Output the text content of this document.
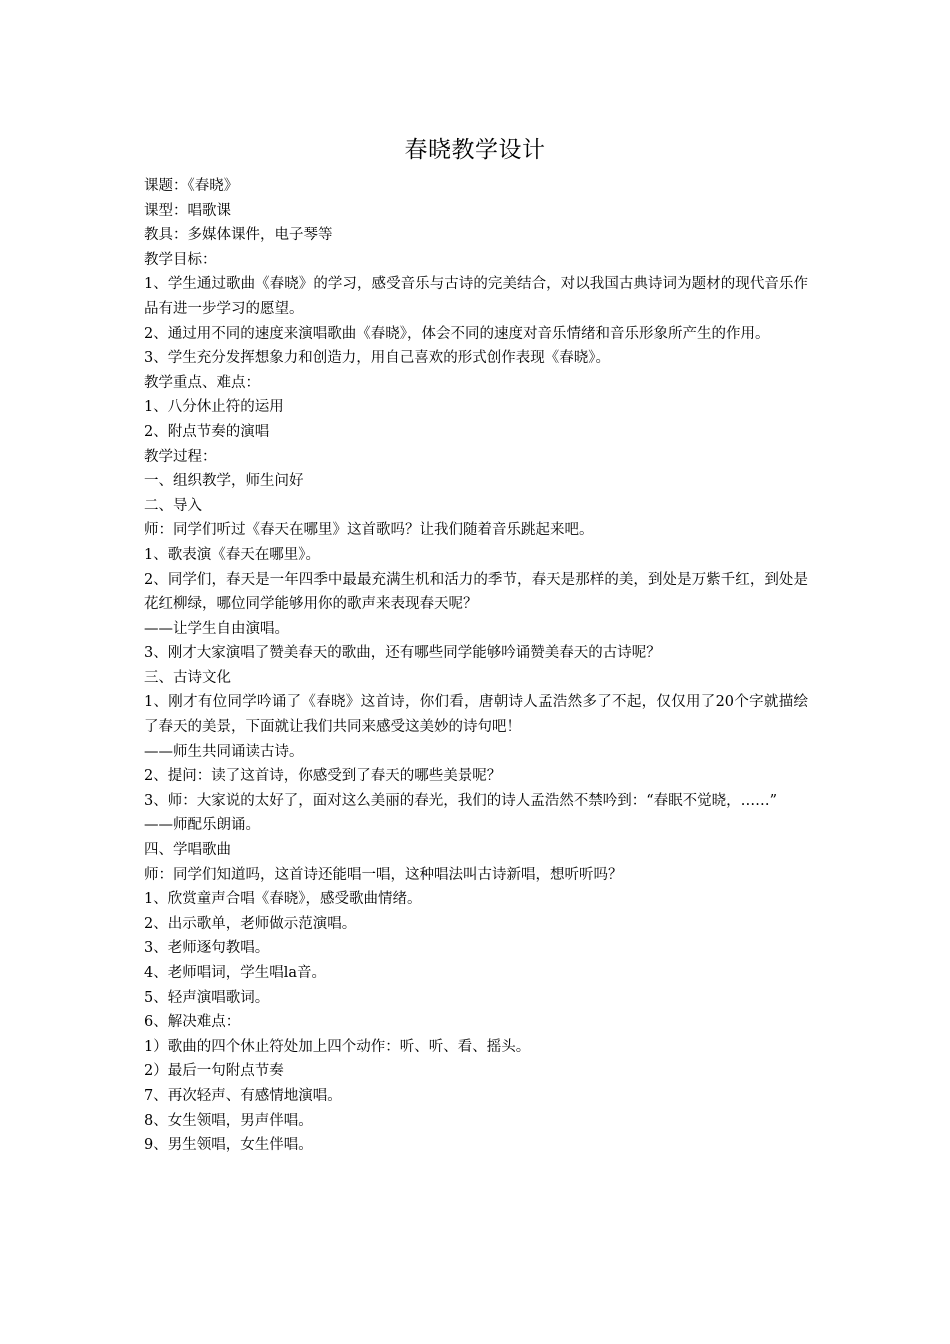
春晓教学设计

课题：《春晓》

课型：唱歌课

教具：多媒体课件，电子琴等

教学目标：

1、学生通过歌曲《春晓》的学习，感受音乐与古诗的完美结合，对以我国古典诗词为题材的现代音乐作品有进一步学习的愿望。

2、通过用不同的速度来演唱歌曲《春晓》，体会不同的速度对音乐情绪和音乐形象所产生的作用。

3、学生充分发挥想象力和创造力，用自己喜欢的形式创作表现《春晓》。

教学重点、难点：

1、八分休止符的运用

2、附点节奏的演唱

教学过程：

一、组织教学，师生问好

二、导入

师：同学们听过《春天在哪里》这首歌吗？让我们随着音乐跳起来吧。

1、歌表演《春天在哪里》。

2、同学们，春天是一年四季中最最充满生机和活力的季节，春天是那样的美，到处是万紫千红，到处是花红柳绿，哪位同学能够用你的歌声来表现春天呢？

——让学生自由演唱。

3、刚才大家演唱了赞美春天的歌曲，还有哪些同学能够吟诵赞美春天的古诗呢？

三、古诗文化

1、刚才有位同学吟诵了《春晓》这首诗，你们看，唐朝诗人孟浩然多了不起，仅仅用了20个字就描绘了春天的美景，下面就让我们共同来感受这美妙的诗句吧！

——师生共同诵读古诗。

2、提问：读了这首诗，你感受到了春天的哪些美景呢？

3、师：大家说的太好了，面对这么美丽的春光，我们的诗人孟浩然不禁吟到：“春眠不觉晓，……”

——师配乐朗诵。

四、学唱歌曲

师：同学们知道吗，这首诗还能唱一唱，这种唱法叫古诗新唱，想听听吗？

1、欣赏童声合唱《春晓》，感受歌曲情绪。

2、出示歌单，老师做示范演唱。

3、老师逐句教唱。

4、老师唱词，学生唱la音。

5、轻声演唱歌词。

6、解决难点：

1）歌曲的四个休止符处加上四个动作：听、听、看、摇头。

2）最后一句附点节奏

7、再次轻声、有感情地演唱。

8、女生领唱，男声伴唱。

9、男生领唱，女生伴唱。
